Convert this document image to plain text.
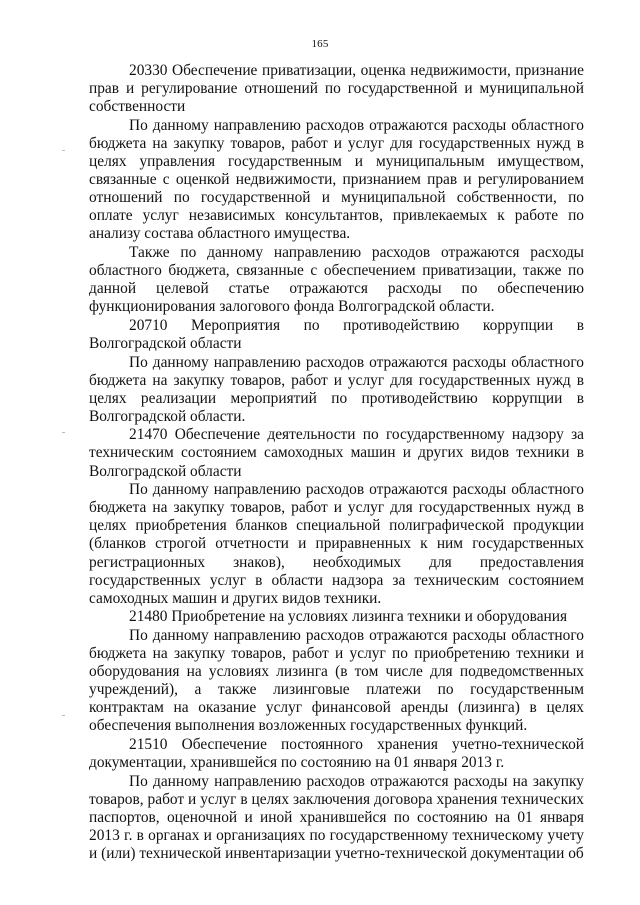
165

20330 Обеспечение приватизации, оценка недвижимости, признание прав и регулирование отношений по государственной и муниципальной собственности

По данному направлению расходов отражаются расходы областного бюджета на закупку товаров, работ и услуг для государственных нужд в целях управления государственным и муниципальным имуществом, связанные с оценкой недвижимости, признанием прав и регулированием отношений по государственной и муниципальной собственности, по оплате услуг независимых консультантов, привлекаемых к работе по анализу состава областного имущества.

Также по данному направлению расходов отражаются расходы областного бюджета, связанные с обеспечением приватизации, также по данной целевой статье отражаются расходы по обеспечению функционирования залогового фонда Волгоградской области.

20710 Мероприятия по противодействию коррупции в Волгоградской области

По данному направлению расходов отражаются расходы областного бюджета на закупку товаров, работ и услуг для государственных нужд в целях реализации мероприятий по противодействию коррупции в Волгоградской области.

21470 Обеспечение деятельности по государственному надзору за техническим состоянием самоходных машин и других видов техники в Волгоградской области

По данному направлению расходов отражаются расходы областного бюджета на закупку товаров, работ и услуг для государственных нужд в целях приобретения бланков специальной полиграфической продукции (бланков строгой отчетности и приравненных к ним государственных регистрационных знаков), необходимых для предоставления государственных услуг в области надзора за техническим состоянием самоходных машин и других видов техники.

21480 Приобретение на условиях лизинга техники и оборудования

По данному направлению расходов отражаются расходы областного бюджета на закупку товаров, работ и услуг по приобретению техники и оборудования на условиях лизинга (в том числе для подведомственных учреждений), а также лизинговые платежи по государственным контрактам на оказание услуг финансовой аренды (лизинга) в целях обеспечения выполнения возложенных государственных функций.

21510 Обеспечение постоянного хранения учетно-технической документации, хранившейся по состоянию на 01 января 2013 г.

По данному направлению расходов отражаются расходы на закупку товаров, работ и услуг в целях заключения договора хранения технических паспортов, оценочной и иной хранившейся по состоянию на 01 января 2013 г. в органах и организациях по государственному техническому учету и (или) технической инвентаризации учетно-технической документации об
